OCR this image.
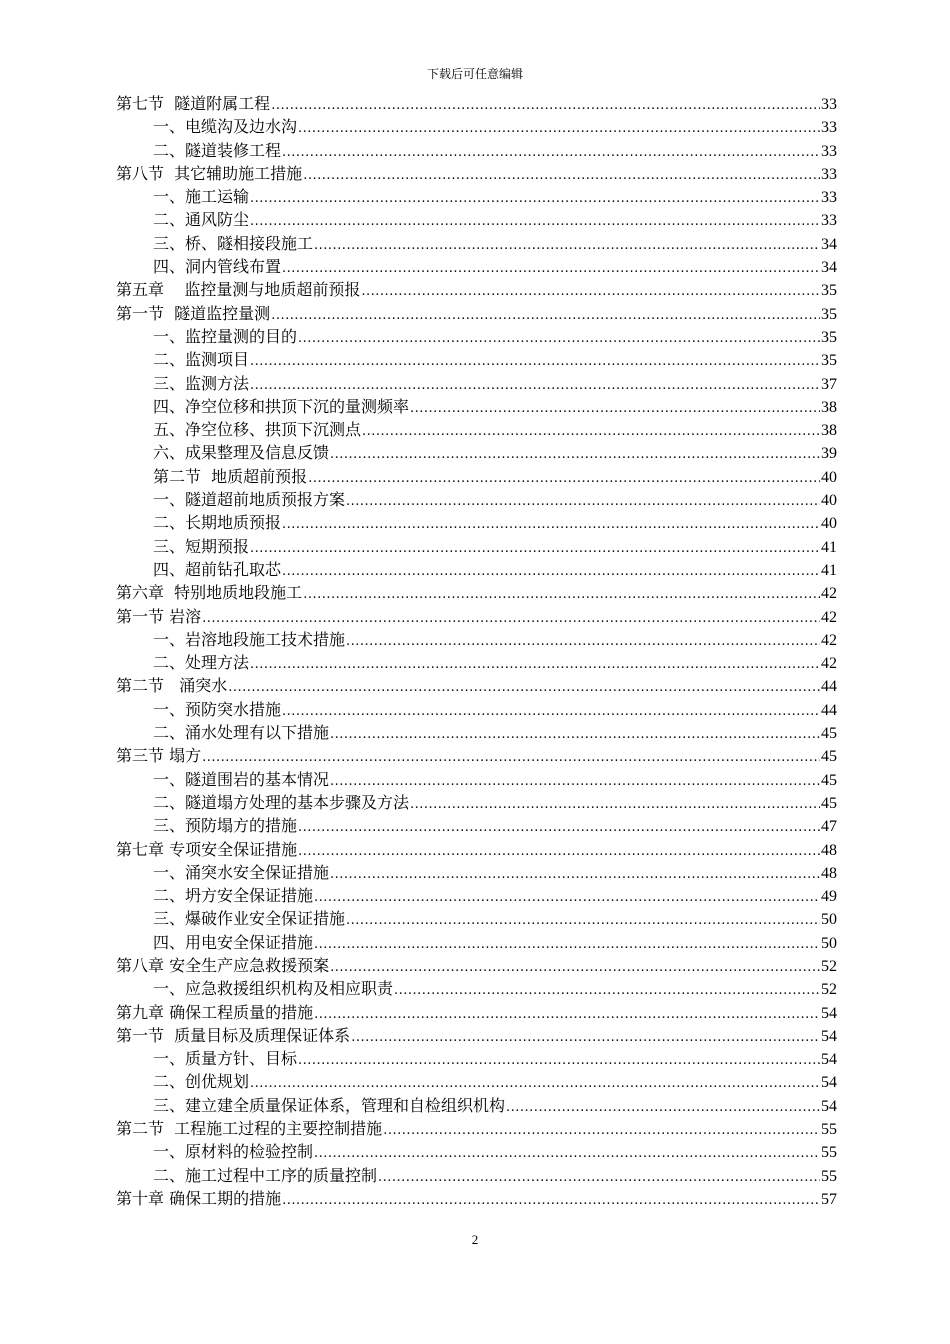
下载后可任意编辑
第七节  隧道附属工程 .....	33
一、电缆沟及边水沟 .....	33
二、隧道装修工程 .....	33
第八节  其它辅助施工措施 .....	33
一、施工运输 .....	33
二、通风防尘 .....	33
三、桥、隧相接段施工 .....	34
四、洞内管线布置 .....	34
第五章    监控量测与地质超前预报 .....	35
第一节  隧道监控量测 .....	35
一、监控量测的目的 .....	35
二、监测项目 .....	35
三、监测方法 .....	37
四、净空位移和拱顶下沉的量测频率 .....	38
五、净空位移、拱顶下沉测点 .....	38
六、成果整理及信息反馈 .....	39
第二节  地质超前预报 .....	40
一、隧道超前地质预报方案 .....	40
二、长期地质预报 .....	40
三、短期预报 .....	41
四、超前钻孔取芯 .....	41
第六章  特别地质地段施工 .....	42
第一节 岩溶 .....	42
一、岩溶地段施工技术措施 .....	42
二、处理方法 .....	42
第二节   涌突水 .....	44
一、预防突水措施 .....	44
二、涌水处理有以下措施 .....	45
第三节 塌方 .....	45
一、隧道围岩的基本情况 .....	45
二、隧道塌方处理的基本步骤及方法 .....	45
三、预防塌方的措施 .....	47
第七章 专项安全保证措施 .....	48
一、涌突水安全保证措施 .....	48
二、坍方安全保证措施 .....	49
三、爆破作业安全保证措施 .....	50
四、用电安全保证措施 .....	50
第八章 安全生产应急救援预案 .....	52
一、应急救援组织机构及相应职责 .....	52
第九章 确保工程质量的措施 .....	54
第一节  质量目标及质理保证体系 .....	54
一、质量方针、目标 .....	54
二、创优规划 .....	54
三、建立建全质量保证体系，管理和自检组织机构 .....	54
第二节  工程施工过程的主要控制措施 .....	55
一、原材料的检验控制 .....	55
二、施工过程中工序的质量控制 .....	55
第十章 确保工期的措施 .....	57
2
